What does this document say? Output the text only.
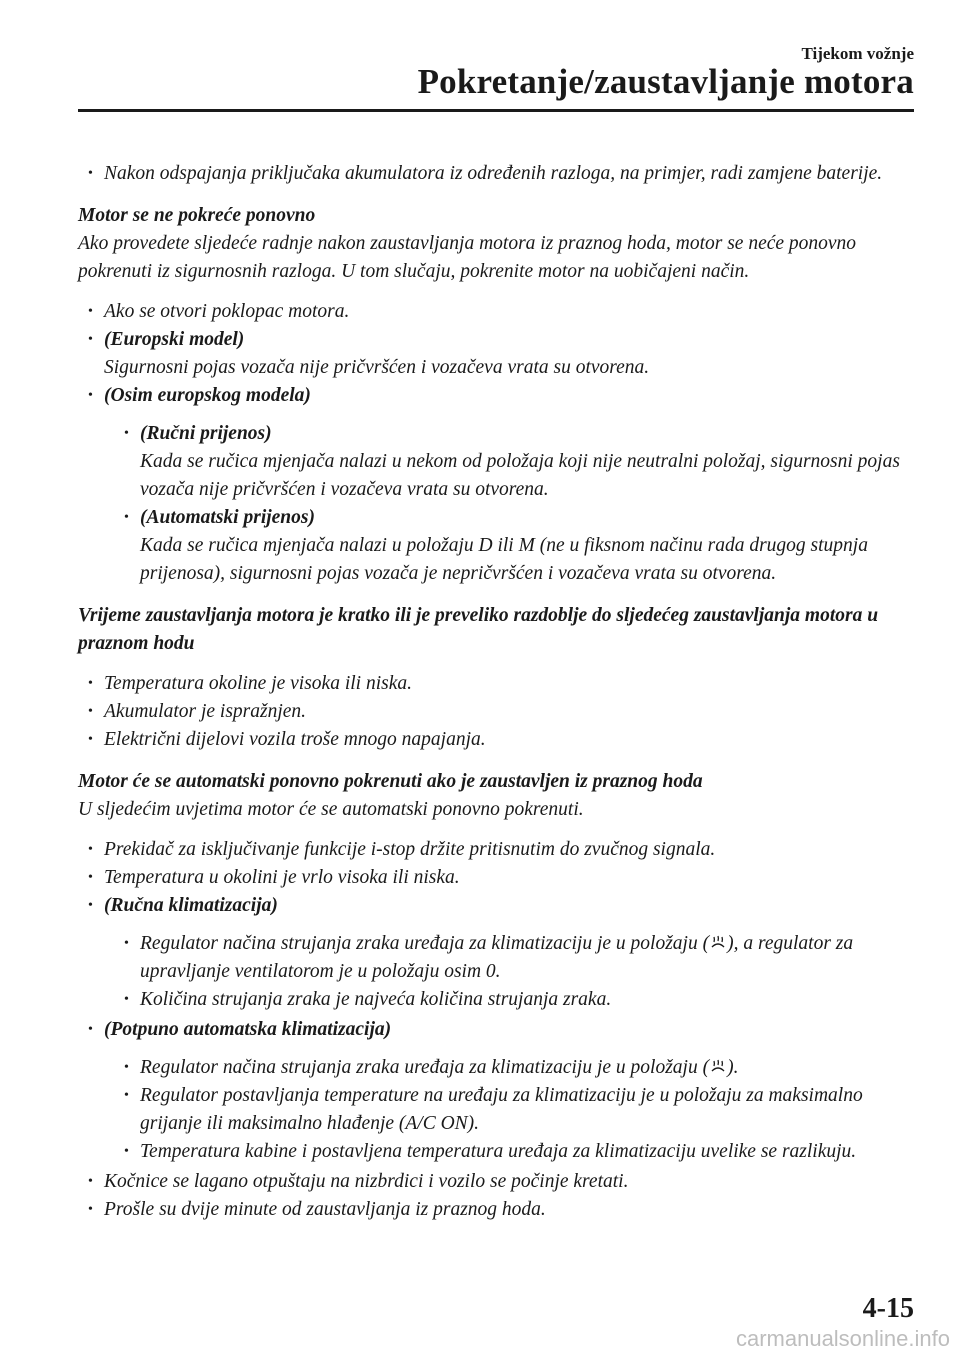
Tijekom vožnje
Pokretanje/zaustavljanje motora
• Nakon odspajanja priključaka akumulatora iz određenih razloga, na primjer, radi zamjene baterije.

Motor se ne pokreće ponovno

Ako provedete sljedeće radnje nakon zaustavljanja motora iz praznog hoda, motor se neće ponovno pokrenuti iz sigurnosnih razloga. U tom slučaju, pokrenite motor na uobičajeni način.

• Ako se otvori poklopac motora.
• (Europski model)
Sigurnosni pojas vozača nije pričvršćen i vozačeva vrata su otvorena.
• (Osim europskog modela)
• (Ručni prijenos)
Kada se ručica mjenjača nalazi u nekom od položaja koji nije neutralni položaj, sigurnosni pojas vozača nije pričvršćen i vozačeva vrata su otvorena.
• (Automatski prijenos)
Kada se ručica mjenjača nalazi u položaju D ili M (ne u fiksnom načinu rada drugog stupnja prijenosa), sigurnosni pojas vozača je nepričvršćen i vozačeva vrata su otvorena.

Vrijeme zaustavljanja motora je kratko ili je preveliko razdoblje do sljedećeg zaustavljanja motora u praznom hodu

• Temperatura okoline je visoka ili niska.
• Akumulator je ispražnjen.
• Električni dijelovi vozila troše mnogo napajanja.

Motor će se automatski ponovno pokrenuti ako je zaustavljen iz praznog hoda

U sljedećim uvjetima motor će se automatski ponovno pokrenuti.

• Prekidač za isključivanje funkcije i-stop držite pritisnutim do zvučnog signala.
• Temperatura u okolini je vrlo visoka ili niska.
• (Ručna klimatizacija)
• Regulator načina strujanja zraka uređaja za klimatizaciju je u položaju ( ), a regulator za upravljanje ventilatorom je u položaju osim 0.
• Količina strujanja zraka je najveća količina strujanja zraka.
• (Potpuno automatska klimatizacija)
• Regulator načina strujanja zraka uređaja za klimatizaciju je u položaju ( ).
• Regulator postavljanja temperature na uređaju za klimatizaciju je u položaju za maksimalno grijanje ili maksimalno hlađenje (A/C ON).
• Temperatura kabine i postavljena temperatura uređaja za klimatizaciju uvelike se razlikuju.
• Kočnice se lagano otpuštaju na nizbrdici i vozilo se počinje kretati.
• Prošle su dvije minute od zaustavljanja iz praznog hoda.
4-15
carmanualsonline.info
